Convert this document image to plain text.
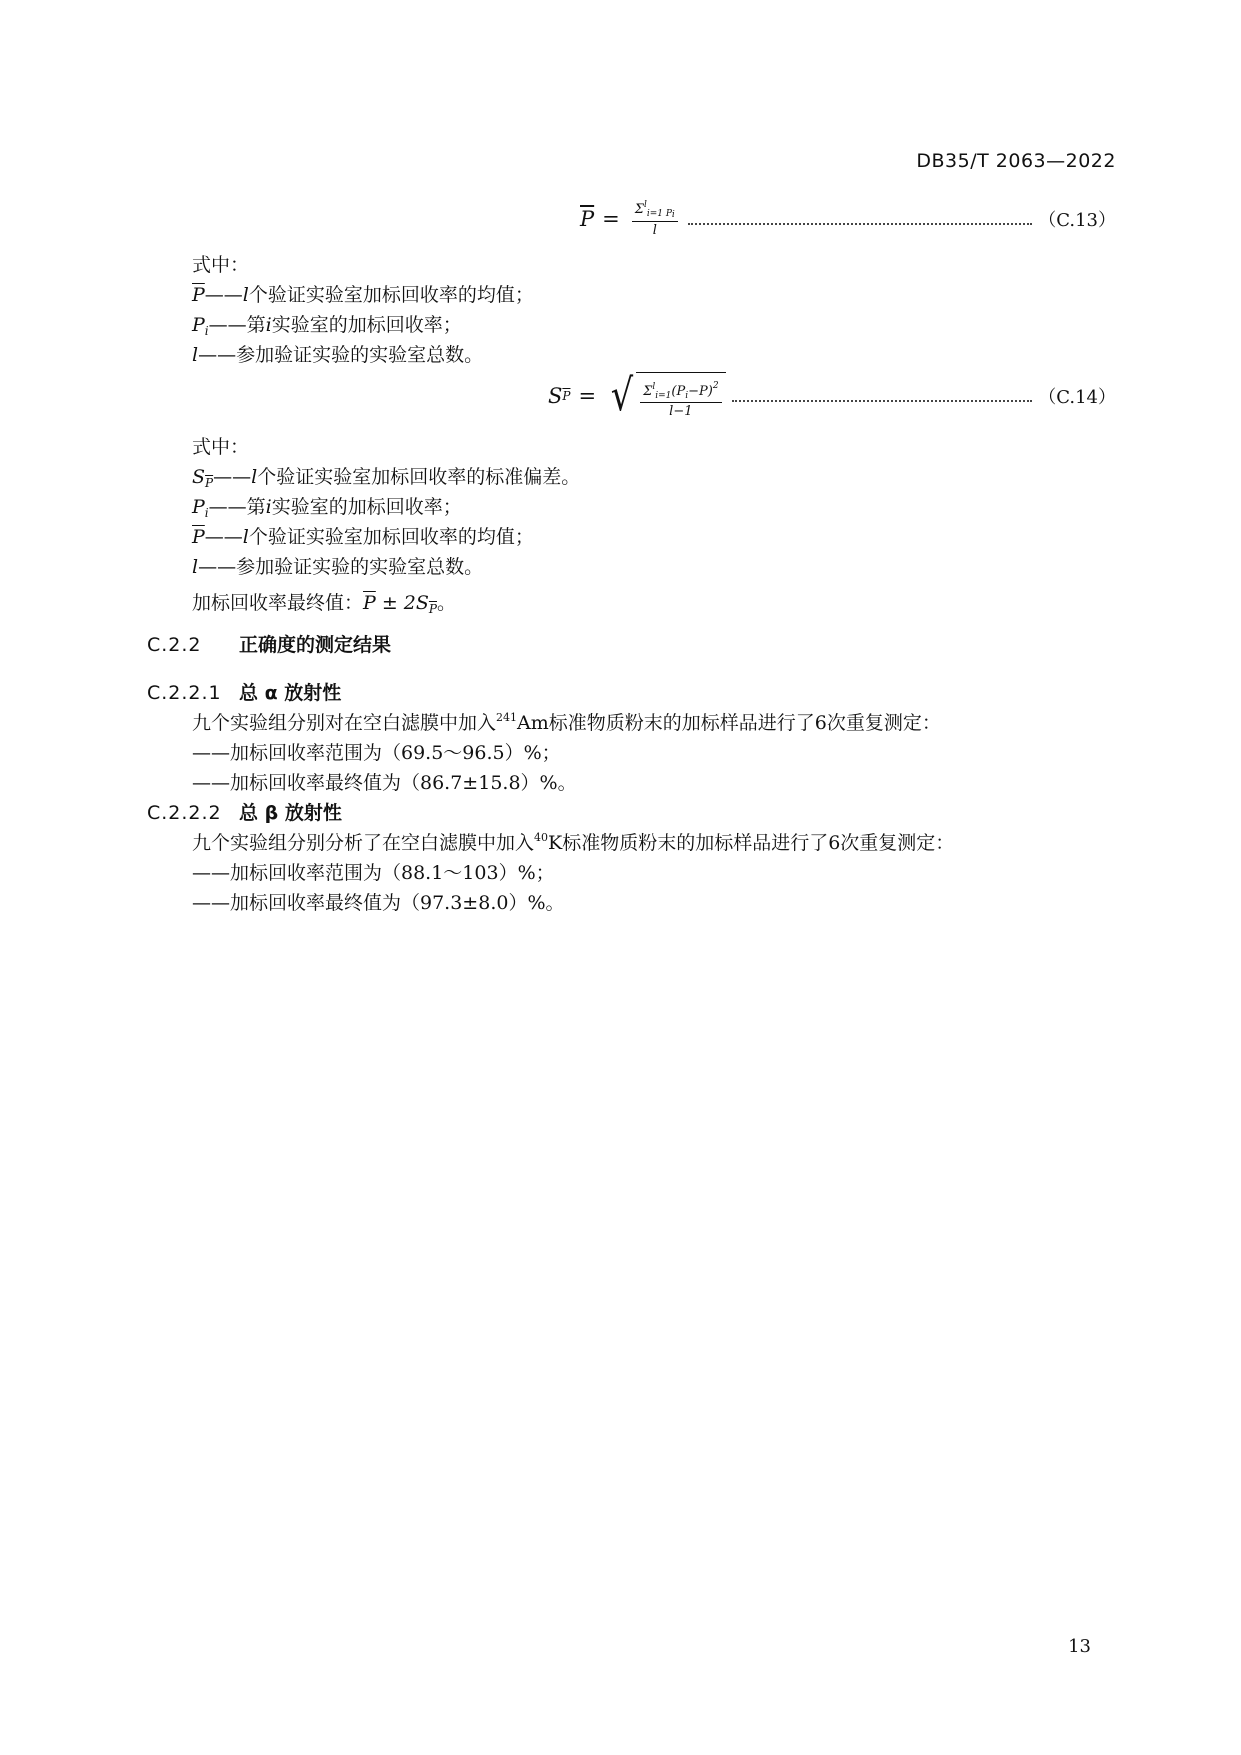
DB35/T 2063—2022
$\overline{P} = \frac{\Sigma^l_{i=1 Pi}}{l}$	（C.13）
式中：
$\overline{P}——l$个验证实验室加标回收率的均值；
$P_i——$第i实验室的加标回收率；
l——参加验证实验的实验室总数。
S $\overline{P}$ = √ $\frac{\Sigma^l_{i=1}(P_i-P)^2}{l-1}$	（C.14）
式中：
$S_{\overline{P}}——l$个验证实验室加标回收率的标准偏差。
$P_i——$第i实验室的加标回收率；
$\overline{P}——l$个验证实验室加标回收率的均值；
l——参加验证实验的实验室总数。
加标回收率最终值：$\overline{P} \pm 2S_{\overline{P}}$。
C.2.2 正确度的测定结果
C.2.2.1 总 α 放射性
九个实验组分别对在空白滤膜中加入$^{241}$Am标准物质粉末的加标样品进行了6次重复测定：
——加标回收率范围为（69.5～96.5）%；
——加标回收率最终值为（86.7±15.8）%。
C.2.2.2 总 β 放射性
九个实验组分别分析了在空白滤膜中加入$^{40}$K标准物质粉末的加标样品进行了6次重复测定：
——加标回收率范围为（88.1～103）%；
——加标回收率最终值为（97.3±8.0）%。
13
